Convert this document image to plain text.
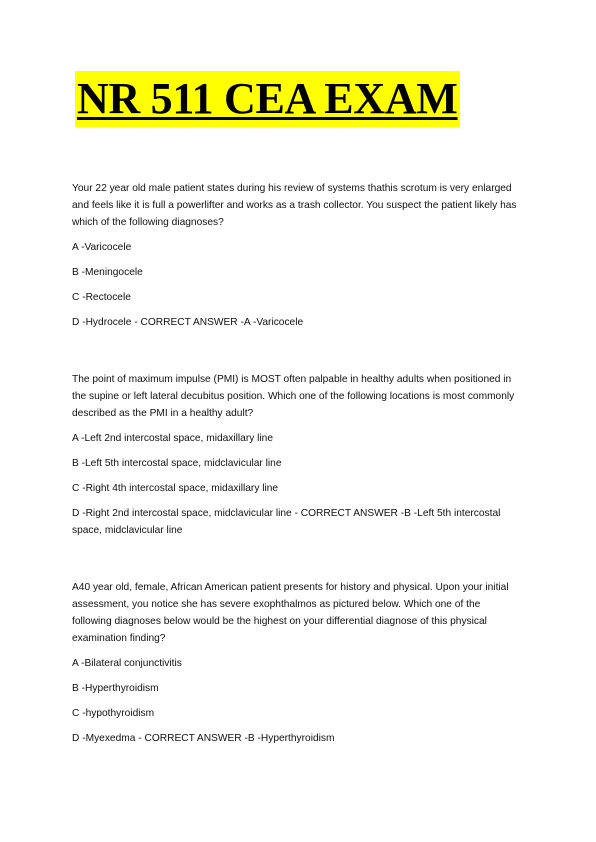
NR 511 CEA EXAM

Your 22 year old male patient states during his review of systems thathis scrotum is very enlarged and feels like it is full a powerlifter and works as a trash collector. You suspect the patient likely has which of the following diagnoses?

A -Varicocele

B -Meningocele

C -Rectocele

D -Hydrocele - CORRECT ANSWER -A -Varicocele

The point of maximum impulse (PMI) is MOST often palpable in healthy adults when positioned in the supine or left lateral decubitus position. Which one of the following locations is most commonly described as the PMI in a healthy adult?

A -Left 2nd intercostal space, midaxillary line

B -Left 5th intercostal space, midclavicular line

C -Right 4th intercostal space, midaxillary line

D -Right 2nd intercostal space, midclavicular line - CORRECT ANSWER -B -Left 5th intercostal space, midclavicular line

A40 year old, female, African American patient presents for history and physical. Upon your initial assessment, you notice she has severe exophthalmos as pictured below. Which one of the following diagnoses below would be the highest on your differential diagnose of this physical examination finding?

A -Bilateral conjunctivitis

B -Hyperthyroidism

C -hypothyroidism

D -Myexedma - CORRECT ANSWER -B -Hyperthyroidism
